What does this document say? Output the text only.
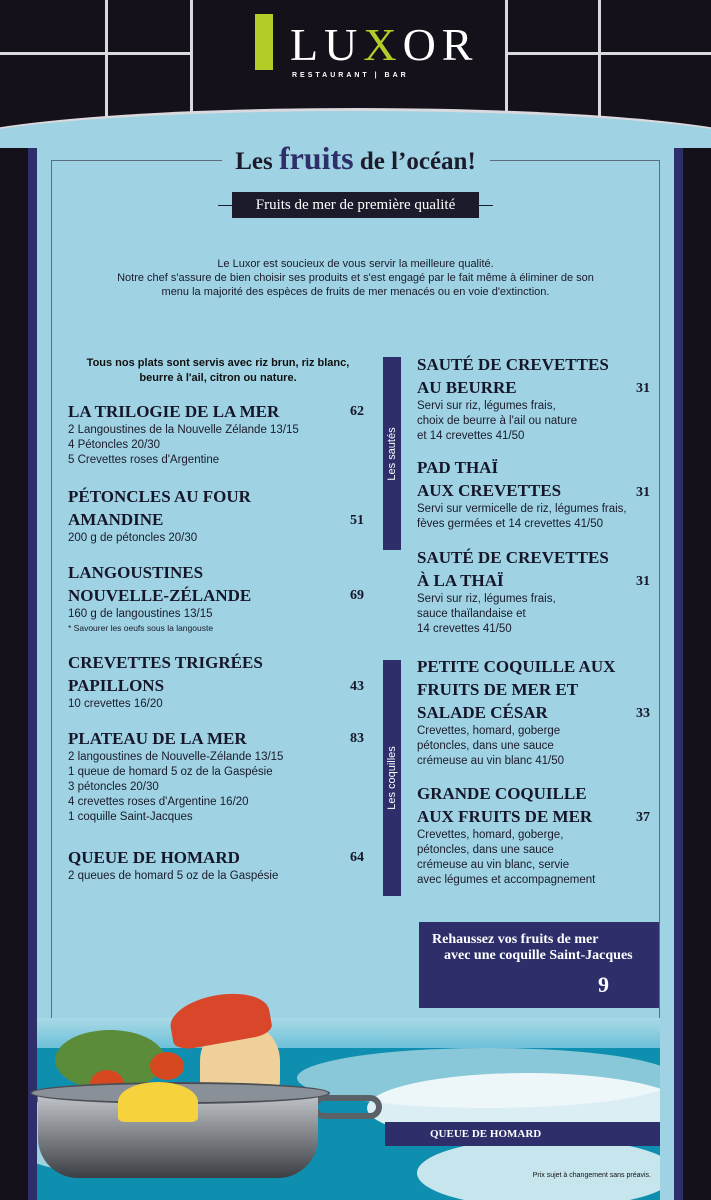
LUXOR
RESTAURANT | BAR
Les fruits de l’océan!
Fruits de mer de première qualité

Le Luxor est soucieux de vous servir la meilleure qualité.

Notre chef s'assure de bien choisir ses produits et s'est engagé par le fait même à éliminer de son

menu la majorité des espèces de fruits de mer menacés ou en voie d'extinction.

Tous nos plats sont servis avec riz brun, riz blanc,
beurre à l'ail, citron ou nature.
LA TRILOGIE DE LA MER
2 Langoustines de la Nouvelle Zélande 13/15
4 Pétoncles 20/30
5 Crevettes roses d'Argentine
62
PÉTONCLES AU FOUR
AMANDINE
200 g de pétoncles 20/30
51
LANGOUSTINES
NOUVELLE-ZÉLANDE
160 g de langoustines 13/15
* Savourer les oeufs sous la langouste
69
CREVETTES TRIGRÉES
PAPILLONS
10 crevettes 16/20
43
PLATEAU DE LA MER
2 langoustines de Nouvelle-Zélande 13/15
1 queue de homard 5 oz de la Gaspésie
3 pétoncles 20/30
4 crevettes roses d'Argentine 16/20
1 coquille Saint-Jacques
83
QUEUE DE HOMARD
2 queues de homard 5 oz de la Gaspésie
64
Les sautés
Les coquilles
SAUTÉ DE CREVETTES
AU BEURRE
Servi sur riz, légumes frais,
choix de beurre à l'ail ou nature
et 14 crevettes 41/50
31
PAD THAÏ
AUX CREVETTES
Servi sur vermicelle de riz, légumes frais,
fèves germées et 14 crevettes 41/50
31
SAUTÉ DE CREVETTES
À LA THAÏ
Servi sur riz, légumes frais,
sauce thaïlandaise et
14 crevettes 41/50
31
PETITE COQUILLE AUX
FRUITS DE MER ET
SALADE CÉSAR
Crevettes, homard, goberge
pétoncles, dans une sauce
crémeuse au vin blanc 41/50
33
GRANDE COQUILLE
AUX FRUITS DE MER
Crevettes, homard, goberge,
pétoncles, dans une sauce
crémeuse au vin blanc, servie
avec légumes et accompagnement
37
Rehaussez vos fruits de mer
avec une coquille Saint-Jacques
9
QUEUE DE HOMARD
Prix sujet à changement sans préavis.
